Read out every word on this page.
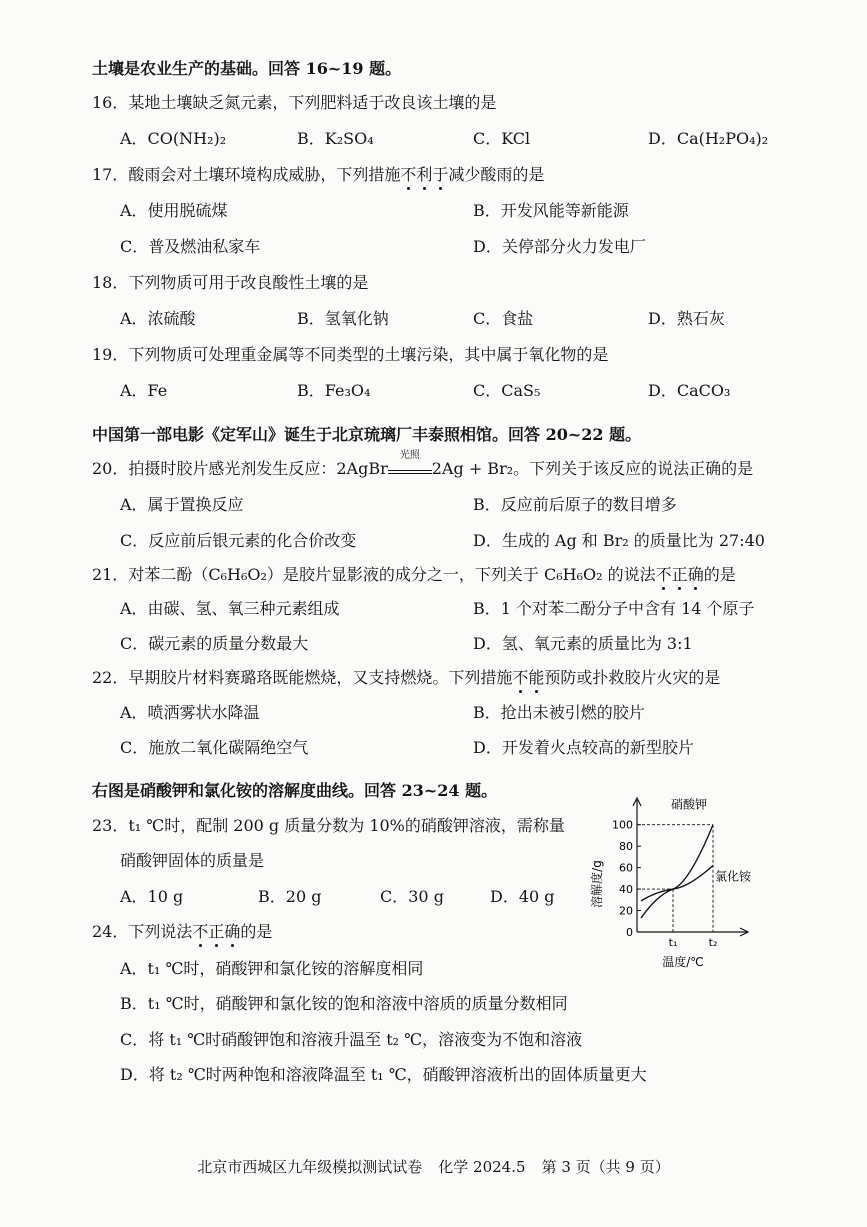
土壤是农业生产的基础。回答 16~19 题。
16．某地土壤缺乏氮元素，下列肥料适于改良该土壤的是
A．CO(NH₂)₂	B．K₂SO₄	C．KCl	D．Ca(H₂PO₄)₂
17．酸雨会对土壤环境构成威胁，下列措施不利于减少酸雨的是
A．使用脱硫煤	B．开发风能等新能源
C．普及燃油私家车	D．关停部分火力发电厂
18．下列物质可用于改良酸性土壤的是
A．浓硫酸	B．氢氧化钠	C．食盐	D．熟石灰
19．下列物质可处理重金属等不同类型的土壤污染，其中属于氧化物的是
A．Fe	B．Fe₃O₄	C．CaS₅	D．CaCO₃
中国第一部电影《定军山》诞生于北京琉璃厂丰泰照相馆。回答 20~22 题。
20．拍摄时胶片感光剂发生反应：2AgBr
光照
2Ag + Br₂。下列关于该反应的说法正确的是
A．属于置换反应	B．反应前后原子的数目增多
C．反应前后银元素的化合价改变	D．生成的 Ag 和 Br₂ 的质量比为 27:40
21．对苯二酚（C₆H₆O₂）是胶片显影液的成分之一，下列关于 C₆H₆O₂ 的说法不正确的是
A．由碳、氢、氧三种元素组成	B．1 个对苯二酚分子中含有 14 个原子
C．碳元素的质量分数最大	D．氢、氧元素的质量比为 3:1
22．早期胶片材料赛璐珞既能燃烧，又支持燃烧。下列措施不能预防或扑救胶片火灾的是
A．喷洒雾状水降温	B．抢出未被引燃的胶片
C．施放二氧化碳隔绝空气	D．开发着火点较高的新型胶片
右图是硝酸钾和氯化铵的溶解度曲线。回答 23~24 题。
23．t₁ ℃时，配制 200 g 质量分数为 10%的硝酸钾溶液，需称量
硝酸钾固体的质量是
A．10 g	B．20 g	C．30 g	D．40 g
24．下列说法不正确的是
A．t₁ ℃时，硝酸钾和氯化铵的溶解度相同
B．t₁ ℃时，硝酸钾和氯化铵的饱和溶液中溶质的质量分数相同
C．将 t₁ ℃时硝酸钾饱和溶液升温至 t₂ ℃，溶液变为不饱和溶液
D．将 t₂ ℃时两种饱和溶液降温至 t₁ ℃，硝酸钾溶液析出的固体质量更大
溶解度/g
0
20
40
60
80
100
t₁	t₂
硝酸钾
氯化铵
温度/℃
北京市西城区九年级模拟测试试卷 化学 2024.5 第 3 页（共 9 页）
